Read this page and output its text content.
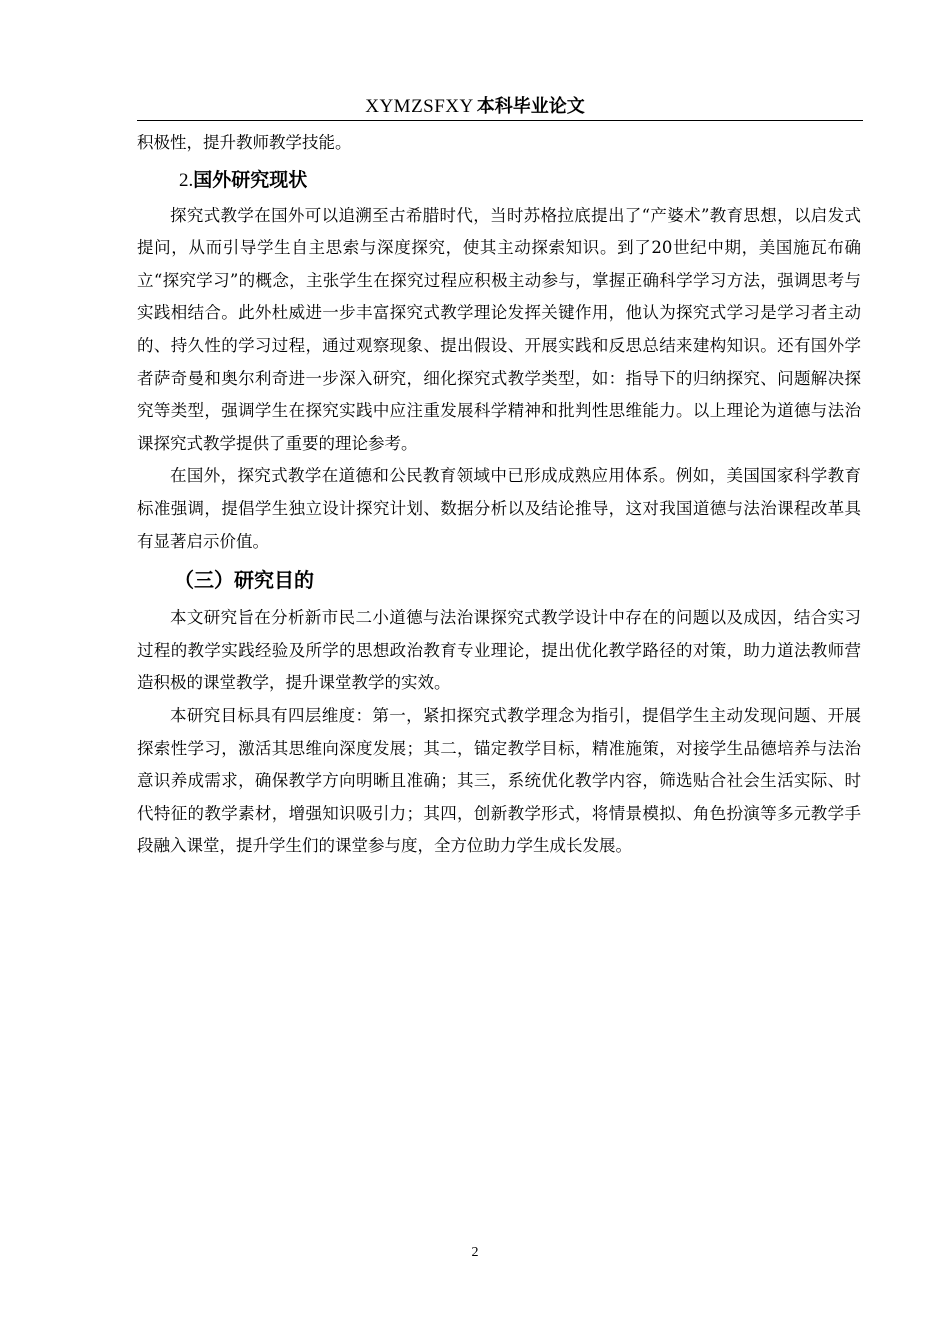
XYMZSFXY 本科毕业论文

积极性，提升教师教学技能。

2.国外研究现状

探究式教学在国外可以追溯至古希腊时代，当时苏格拉底提出了“产婆术”教育思想，以启发式提问，从而引导学生自主思索与深度探究，使其主动探索知识。到了20世纪中期，美国施瓦布确立“探究学习”的概念，主张学生在探究过程应积极主动参与，掌握正确科学学习方法，强调思考与实践相结合。此外杜威进一步丰富探究式教学理论发挥关键作用，他认为探究式学习是学习者主动的、持久性的学习过程，通过观察现象、提出假设、开展实践和反思总结来建构知识。还有国外学者萨奇曼和奥尔利奇进一步深入研究，细化探究式教学类型，如：指导下的归纳探究、问题解决探究等类型，强调学生在探究实践中应注重发展科学精神和批判性思维能力。以上理论为道德与法治课探究式教学提供了重要的理论参考。

在国外，探究式教学在道德和公民教育领域中已形成成熟应用体系。例如，美国国家科学教育标准强调，提倡学生独立设计探究计划、数据分析以及结论推导，这对我国道德与法治课程改革具有显著启示价值。

（三）研究目的

本文研究旨在分析新市民二小道德与法治课探究式教学设计中存在的问题以及成因，结合实习过程的教学实践经验及所学的思想政治教育专业理论，提出优化教学路径的对策，助力道法教师营造积极的课堂教学，提升课堂教学的实效。

本研究目标具有四层维度：第一，紧扣探究式教学理念为指引，提倡学生主动发现问题、开展探索性学习，激活其思维向深度发展；其二，锚定教学目标，精准施策，对接学生品德培养与法治意识养成需求，确保教学方向明晰且准确；其三，系统优化教学内容，筛选贴合社会生活实际、时代特征的教学素材，增强知识吸引力；其四，创新教学形式，将情景模拟、角色扮演等多元教学手段融入课堂，提升学生们的课堂参与度，全方位助力学生成长发展。

2
